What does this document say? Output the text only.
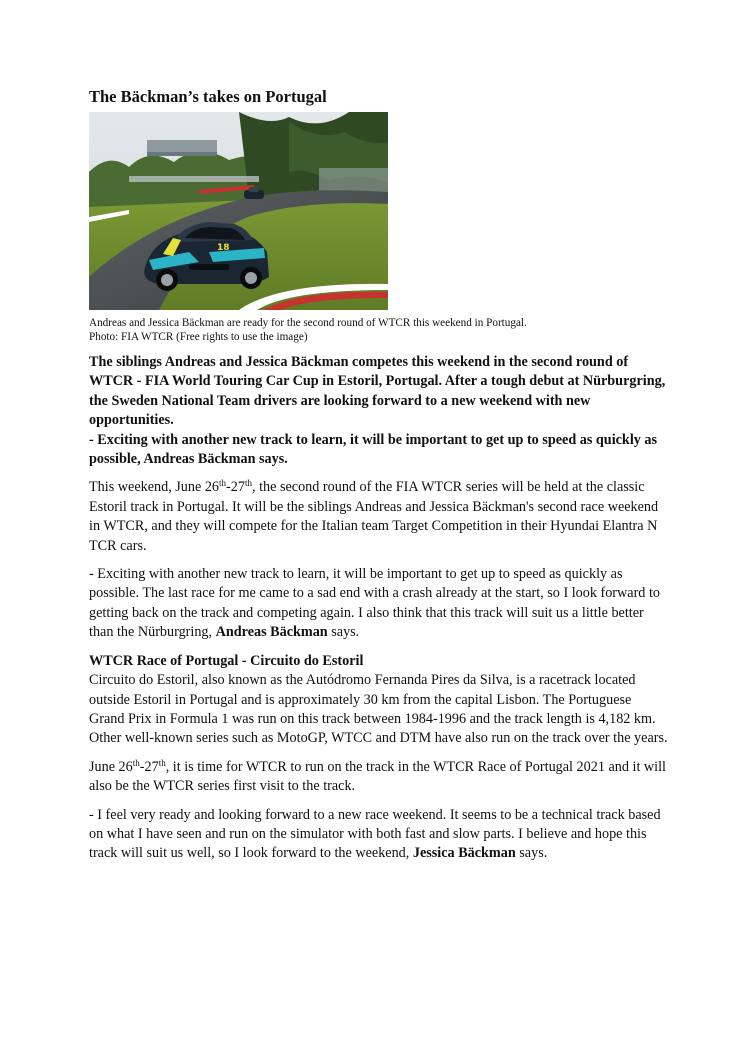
The Bäckman’s takes on Portugal
18
Andreas and Jessica Bäckman are ready for the second round of WTCR this weekend in Portugal.
Photo: FIA WTCR (Free rights to use the image)
The siblings Andreas and Jessica Bäckman competes this weekend in the second round of WTCR - FIA World Touring Car Cup in Estoril, Portugal. After a tough debut at Nürburgring, the Sweden National Team drivers are looking forward to a new weekend with new opportunities.
- Exciting with another new track to learn, it will be important to get up to speed as quickly as possible, Andreas Bäckman says.

This weekend, June 26th-27th, the second round of the FIA WTCR series will be held at the classic Estoril track in Portugal. It will be the siblings Andreas and Jessica Bäckman's second race weekend in WTCR, and they will compete for the Italian team Target Competition in their Hyundai Elantra N TCR cars.

- Exciting with another new track to learn, it will be important to get up to speed as quickly as possible. The last race for me came to a sad end with a crash already at the start, so I look forward to getting back on the track and competing again. I also think that this track will suit us a little better than the Nürburgring, Andreas Bäckman says.

WTCR Race of Portugal - Circuito do Estoril

Circuito do Estoril, also known as the Autódromo Fernanda Pires da Silva, is a racetrack located outside Estoril in Portugal and is approximately 30 km from the capital Lisbon. The Portuguese Grand Prix in Formula 1 was run on this track between 1984-1996 and the track length is 4,182 km. Other well-known series such as MotoGP, WTCC and DTM have also run on the track over the years.

June 26th-27th, it is time for WTCR to run on the track in the WTCR Race of Portugal 2021 and it will also be the WTCR series first visit to the track.

- I feel very ready and looking forward to a new race weekend. It seems to be a technical track based on what I have seen and run on the simulator with both fast and slow parts. I believe and hope this track will suit us well, so I look forward to the weekend, Jessica Bäckman says.
